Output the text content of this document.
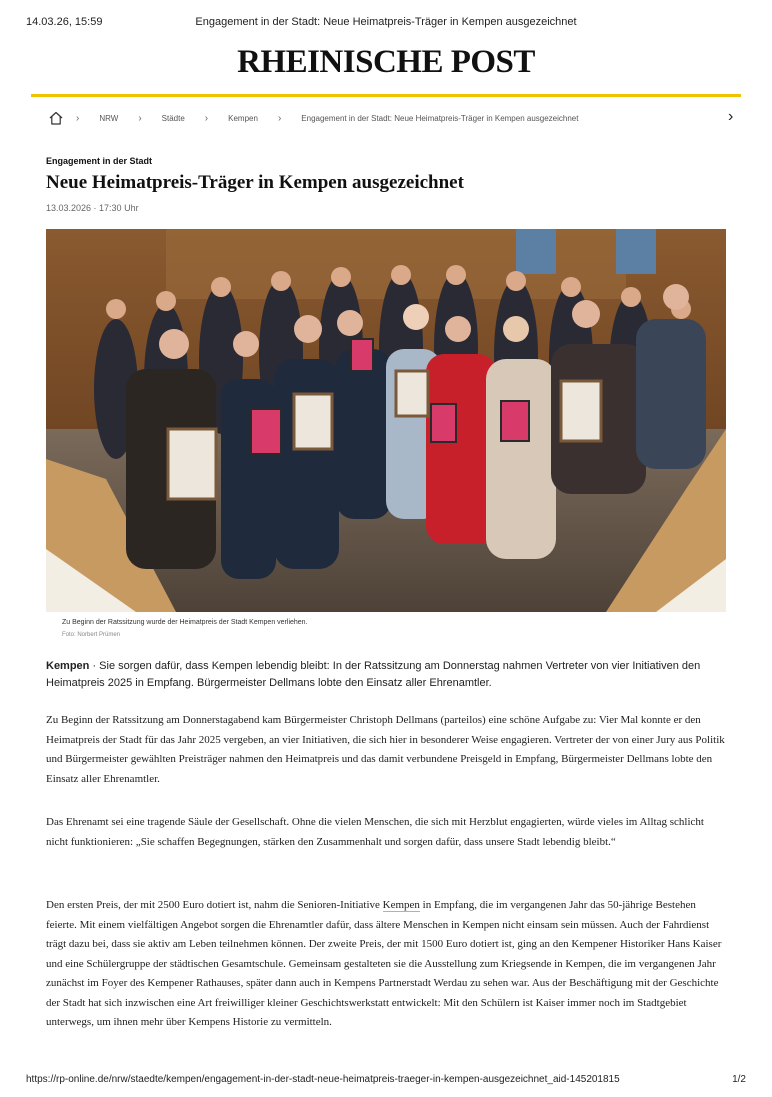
14.03.26, 15:59	Engagement in der Stadt: Neue Heimatpreis-Träger in Kempen ausgezeichnet
RHEINISCHE POST
›	NRW ›	Städte ›	Kempen ›	Engagement in der Stadt: Neue Heimatpreis-Träger in Kempen ausgezeichnet	›
Engagement in der Stadt
Neue Heimatpreis-Träger in Kempen ausgezeichnet
13.03.2026 · 17:30 Uhr
Zu Beginn der Ratssitzung wurde der Heimatpreis der Stadt Kempen verliehen.
Foto: Norbert Prümen

Kempen · Sie sorgen dafür, dass Kempen lebendig bleibt: In der Ratssitzung am Donnerstag nahmen Vertreter von vier Initiativen den Heimatpreis 2025 in Empfang. Bürgermeister Dellmans lobte den Einsatz aller Ehrenamtler.

Zu Beginn der Ratssitzung am Donnerstagabend kam Bürgermeister Christoph Dellmans (parteilos) eine schöne Aufgabe zu: Vier Mal konnte er den Heimatpreis der Stadt für das Jahr 2025 vergeben, an vier Initiativen, die sich hier in besonderer Weise engagieren. Vertreter der von einer Jury aus Politik und Bürgermeister gewählten Preisträger nahmen den Heimatpreis und das damit verbundene Preisgeld in Empfang, Bürgermeister Dellmans lobte den Einsatz aller Ehrenamtler.

Das Ehrenamt sei eine tragende Säule der Gesellschaft. Ohne die vielen Menschen, die sich mit Herzblut engagierten, würde vieles im Alltag schlicht nicht funktionieren: „Sie schaffen Begegnungen, stärken den Zusammenhalt und sorgen dafür, dass unsere Stadt lebendig bleibt.“

Den ersten Preis, der mit 2500 Euro dotiert ist, nahm die Senioren-Initiative Kempen in Empfang, die im vergangenen Jahr das 50-jährige Bestehen feierte. Mit einem vielfältigen Angebot sorgen die Ehrenamtler dafür, dass ältere Menschen in Kempen nicht einsam sein müssen. Auch der Fahrdienst trägt dazu bei, dass sie aktiv am Leben teilnehmen können. Der zweite Preis, der mit 1500 Euro dotiert ist, ging an den Kempener Historiker Hans Kaiser und eine Schülergruppe der städtischen Gesamtschule. Gemeinsam gestalteten sie die Ausstellung zum Kriegsende in Kempen, die im vergangenen Jahr zunächst im Foyer des Kempener Rathauses, später dann auch in Kempens Partnerstadt Werdau zu sehen war. Aus der Beschäftigung mit der Geschichte der Stadt hat sich inzwischen eine Art freiwilliger kleiner Geschichtswerkstatt entwickelt: Mit den Schülern ist Kaiser immer noch im Stadtgebiet unterwegs, um ihnen mehr über Kempens Historie zu vermitteln.

https://rp-online.de/nrw/staedte/kempen/engagement-in-der-stadt-neue-heimatpreis-traeger-in-kempen-ausgezeichnet_aid-145201815	1/2
